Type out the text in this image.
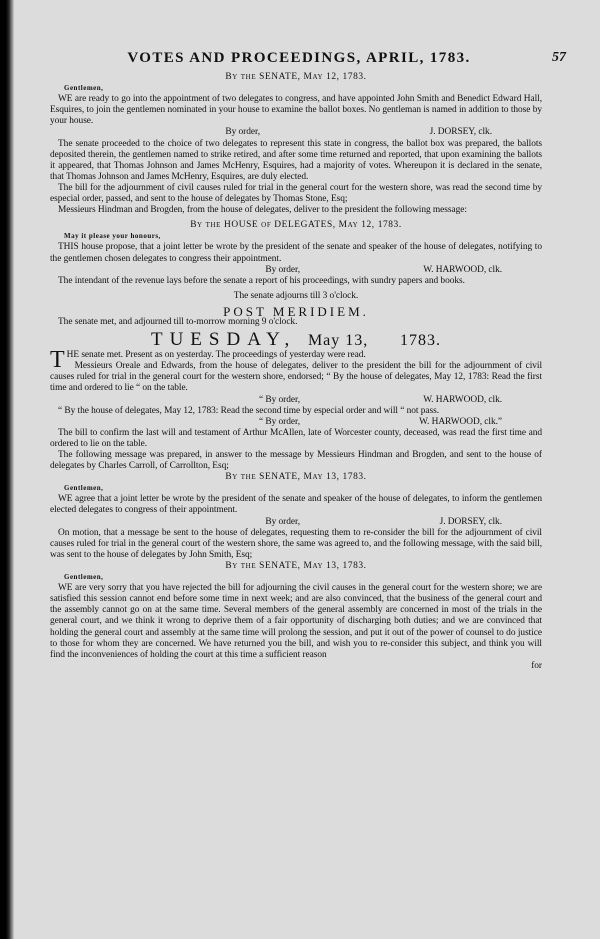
VOTES AND PROCEEDINGS, APRIL, 1783.	57

By the SENATE, May 12, 1783.

Gentlemen,

WE are ready to go into the appointment of two delegates to congress, and have appointed John Smith and Benedict Edward Hall, Esquires, to join the gentlemen nominated in your house to examine the ballot boxes. No gentleman is named in addition to those by your house.

By order,	J. DORSEY, clk.

The senate proceeded to the choice of two delegates to represent this state in congress, the ballot box was prepared, the ballots deposited therein, the gentlemen named to strike retired, and after some time returned and reported, that upon examining the ballots it appeared, that Thomas Johnson and James McHenry, Esquires, had a majority of votes. Whereupon it is declared in the senate, that Thomas Johnson and James McHenry, Esquires, are duly elected.

The bill for the adjournment of civil causes ruled for trial in the general court for the western shore, was read the second time by especial order, passed, and sent to the house of delegates by Thomas Stone, Esq;

Messieurs Hindman and Brogden, from the house of delegates, deliver to the president the following message:

By the HOUSE of DELEGATES, May 12, 1783.

May it please your honours,

THIS house propose, that a joint letter be wrote by the president of the senate and speaker of the house of delegates, notifying to the gentlemen chosen delegates to congress their appointment.

By order,	W. HARWOOD, clk.

The intendant of the revenue lays before the senate a report of his proceedings, with sundry papers and books.

The senate adjourns till 3 o'clock.

POST MERIDIEM.

The senate met, and adjourned till to-morrow morning 9 o'clock.

TUESDAY, May 13, 1783.

THE senate met. Present as on yesterday. The proceedings of yesterday were read.

Messieurs Oreale and Edwards, from the house of delegates, deliver to the president the bill for the adjournment of civil causes ruled for trial in the general court for the western shore, endorsed; “ By the house of delegates, May 12, 1783: Read the first time and ordered to lie “ on the table.

“ By order,	W. HARWOOD, clk.

“ By the house of delegates, May 12, 1783: Read the second time by especial order and will “ not pass.

“ By order,	W. HARWOOD, clk.”

The bill to confirm the last will and testament of Arthur McAllen, late of Worcester county, deceased, was read the first time and ordered to lie on the table.

The following message was prepared, in answer to the message by Messieurs Hindman and Brogden, and sent to the house of delegates by Charles Carroll, of Carrollton, Esq;

By the SENATE, May 13, 1783.

Gentlemen,

WE agree that a joint letter be wrote by the president of the senate and speaker of the house of delegates, to inform the gentlemen elected delegates to congress of their appointment.

By order,	J. DORSEY, clk.

On motion, that a message be sent to the house of delegates, requesting them to re-consider the bill for the adjournment of civil causes ruled for trial in the general court of the western shore, the same was agreed to, and the following message, with the said bill, was sent to the house of delegates by John Smith, Esq;

By the SENATE, May 13, 1783.

Gentlemen,

WE are very sorry that you have rejected the bill for adjourning the civil causes in the general court for the western shore; we are satisfied this session cannot end before some time in next week; and are also convinced, that the business of the general court and the assembly cannot go on at the same time. Several members of the general assembly are concerned in most of the trials in the general court, and we think it wrong to deprive them of a fair opportunity of discharging both duties; and we are convinced that holding the general court and assembly at the same time will prolong the session, and put it out of the power of counsel to do justice to those for whom they are concerned. We have returned you the bill, and wish you to re-consider this subject, and think you will find the inconveniences of holding the court at this time a sufficient reason

for
